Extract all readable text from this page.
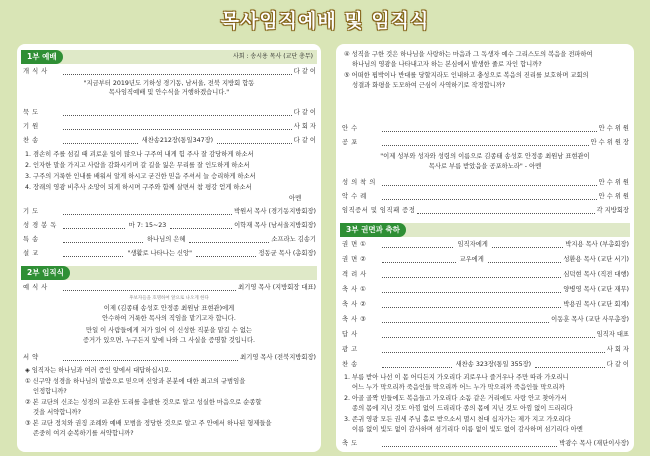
목사임직예배 및 임직식
1부 예배	사회 : 송시용 목사 (교단 총무)
개 식 사	다 같 이
"지금부터 2019년도 기하성 경기동, 남서울, 전북 지방회 합동
목사임직예배 및 안수식을 거행하겠습니다."
묵 도	다 같 이
기 원	사 회 자
찬 송	새찬송212장(통일347장)	다 같 이
1. 겸손히 주를 섬길 때 괴로운 일이 많으나 구주여 내게 힘 주사 잘 감당하게 하소서
2. 인자한 말을 가지고 사람을 감화시키며 갈 길을 잃은 무리를 잘 인도하게 하소서
3. 구주의 거룩한 인내를 배워서 알게 하시고 굳건한 믿음 주셔서 늘 승리하게 하소서
4. 장래의 영광 비추사 소망이 되게 하시며 구주와 함께 살면서 참 평강 얻게 하소서
아멘
기 도	박원서 목사 (경기동지방회장)
성 경 봉 독	마 7: 15~23	이학재 목사 (남서울지방회장)
특 송	하나님의 은혜	소프라노 김송기
설 교	"생활로 나타나는 신앙"	정동균 목사 (총회장)
2부 임직식
예 식 사	최기영 목사 (지방회장 대표)
후보자들을 호명하여 앞으로 나오게 한다
이제 (김종태 송성호 안정종 최원남 표현관)에게
안수하여 거룩한 목사의 직임을 맡기고자 합니다.
만일 이 사람들에게 저가 있어 이 신성한 직분을 맡길 수 없는
증거가 있으면, 누구든지 앞에 나와 그 사실을 증명할 것입니다.
서 약	최기영 목사 (전북지방회장)
◈ 임직자는 하나님과 여러 증인 앞에서 대답하십시오.
① 신구약 성경을 하나님의 말씀으로 믿으며 신앙과 본분에 대한 최고의 규범임을
인정합니까?
② 본 교단의 신조는 성경의 교훈한 도리를 총괄한 것으로 알고 성실한 마음으로 순종할
것을 서약합니까?
③ 본 교단 정치와 권징 조례와 예배 모범을 정당한 것으로 알고 주 안에서 하나된 형제들을
존중히 여겨 순복하기를 서약합니까?
④ 성직을 구한 것은 하나님을 사랑하는 마음과 그 독생자 예수 그리스도의 복음을 전파하여
하나님의 영광을 나타내고자 하는 본심에서 발생한 줄로 자인 합니까?
⑤ 어떠한 핍박이나 반대를 당할지라도 인내하고 충성으로 복음의 진리를 보호하며 교회의
성결과 화평을 도모하여 근심이 사역하기로 작정합니까?
안 수	안 수 위 원
공 포	안 수 위 원 장
"이제 성부와 성자와 성령의 이름으로 김종태 송성호 안정종 최원남 표현관이
목사로 부름 받았음을 공포하노라" - 아멘
성 의 착 의	안 수 위 원
악 수 례	안 수 위 원
임직증서 및 임직패 증정	각 지방회장
3부 권면과 축하
권 면 ①	임직자에게	박지용 목사 (부총회장)
권 면 ②	교우에게	성환용 목사 (교단 서기)
격 려 사	심덕현 목사 (직전 대행)
축 사 ①	양병영 목사 (교단 재무)
축 사 ②	박용권 목사 (교단 회계)
축 사 ③	이동훈 목사 (교단 사무총장)
답 사	임직자 대표
광 고	사 회 자
찬 송	새찬송 323장(통일 355장)	다 같 이
1. 부름 받아 나선 이 몸 어디든지 가오리다 괴로우나 즐거우나 주만 따라 가오리니
어느 누가 막으리까 죽음인들 막으리까 어느 누가 막으리까 죽음인들 막으리까
2. 아골 골짝 빈들에도 복음들고 가오리다 소돔 같은 거리에도 사랑 안고 찾아가서
종의 몸에 지닌 것도 아낌 없이 드리리다 종의 몸에 지닌 것도 아낌 없이 드리리다
3. 존귀 영광 모든 권세 주님 홀로 받으소서 멸시 천대 십자가는 제가 지고 가오리다
이름 없이 빛도 없이 감사하며 섬기리다 이름 없이 빛도 없이 감사하며 섬기리다 아멘
축 도	박광수 목사 (재단이사장)
